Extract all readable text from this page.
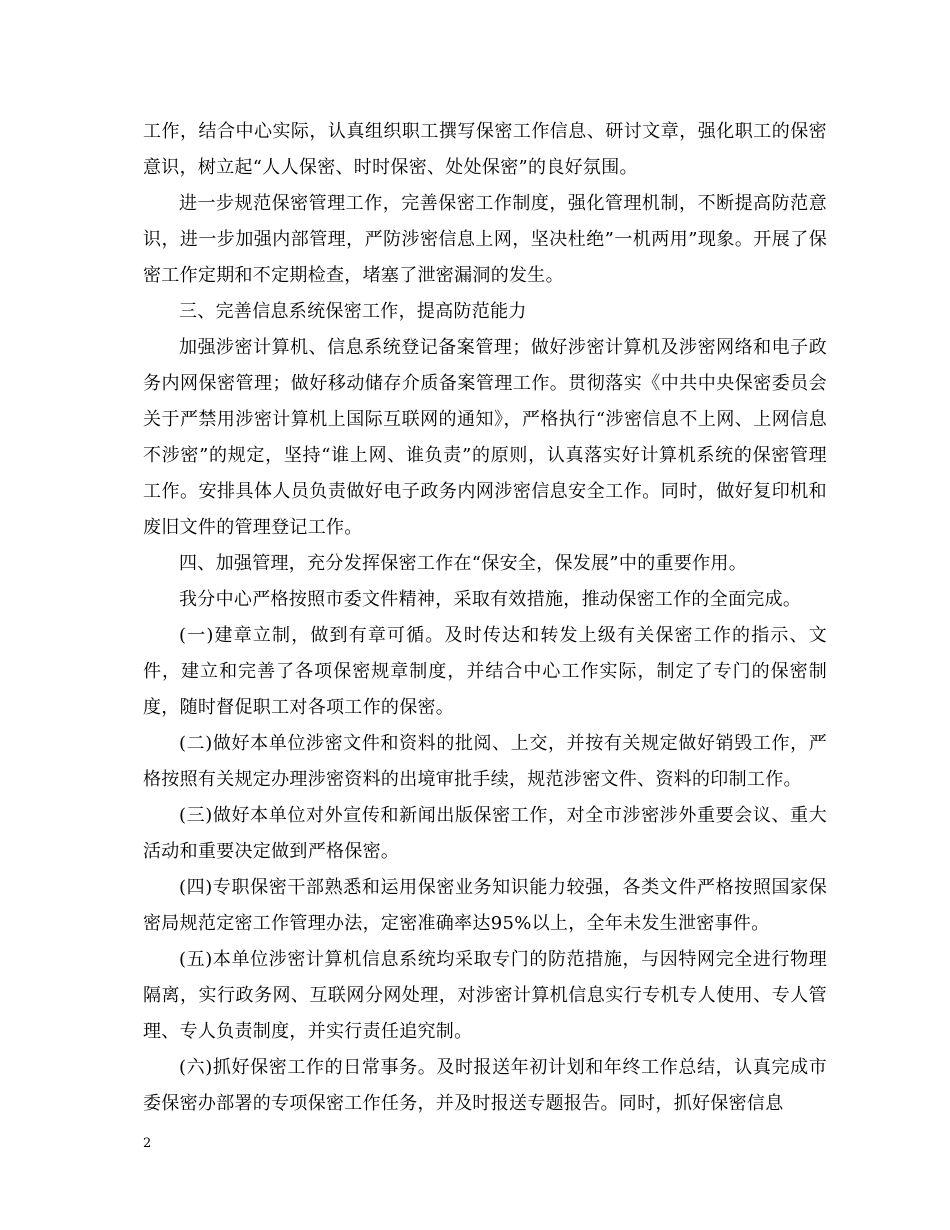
工作，结合中心实际，认真组织职工撰写保密工作信息、研讨文章，强化职工的保密意识，树立起“人人保密、时时保密、处处保密”的良好氛围。

进一步规范保密管理工作，完善保密工作制度，强化管理机制，不断提高防范意识，进一步加强内部管理，严防涉密信息上网，坚决杜绝”一机两用”现象。开展了保密工作定期和不定期检查，堵塞了泄密漏洞的发生。

三、完善信息系统保密工作，提高防范能力

加强涉密计算机、信息系统登记备案管理；做好涉密计算机及涉密网络和电子政务内网保密管理；做好移动储存介质备案管理工作。贯彻落实《中共中央保密委员会关于严禁用涉密计算机上国际互联网的通知》，严格执行“涉密信息不上网、上网信息不涉密”的规定，坚持“谁上网、谁负责”的原则，认真落实好计算机系统的保密管理工作。安排具体人员负责做好电子政务内网涉密信息安全工作。同时，做好复印机和废旧文件的管理登记工作。

四、加强管理，充分发挥保密工作在“保安全，保发展”中的重要作用。

我分中心严格按照市委文件精神，采取有效措施，推动保密工作的全面完成。

(一)建章立制，做到有章可循。及时传达和转发上级有关保密工作的指示、文件，建立和完善了各项保密规章制度，并结合中心工作实际，制定了专门的保密制度，随时督促职工对各项工作的保密。

(二)做好本单位涉密文件和资料的批阅、上交，并按有关规定做好销毁工作，严格按照有关规定办理涉密资料的出境审批手续，规范涉密文件、资料的印制工作。

(三)做好本单位对外宣传和新闻出版保密工作，对全市涉密涉外重要会议、重大活动和重要决定做到严格保密。

(四)专职保密干部熟悉和运用保密业务知识能力较强，各类文件严格按照国家保密局规范定密工作管理办法，定密准确率达95%以上，全年未发生泄密事件。

(五)本单位涉密计算机信息系统均采取专门的防范措施，与因特网完全进行物理隔离，实行政务网、互联网分网处理，对涉密计算机信息实行专机专人使用、专人管理、专人负责制度，并实行责任追究制。

(六)抓好保密工作的日常事务。及时报送年初计划和年终工作总结，认真完成市委保密办部署的专项保密工作任务，并及时报送专题报告。同时，抓好保密信息

2
